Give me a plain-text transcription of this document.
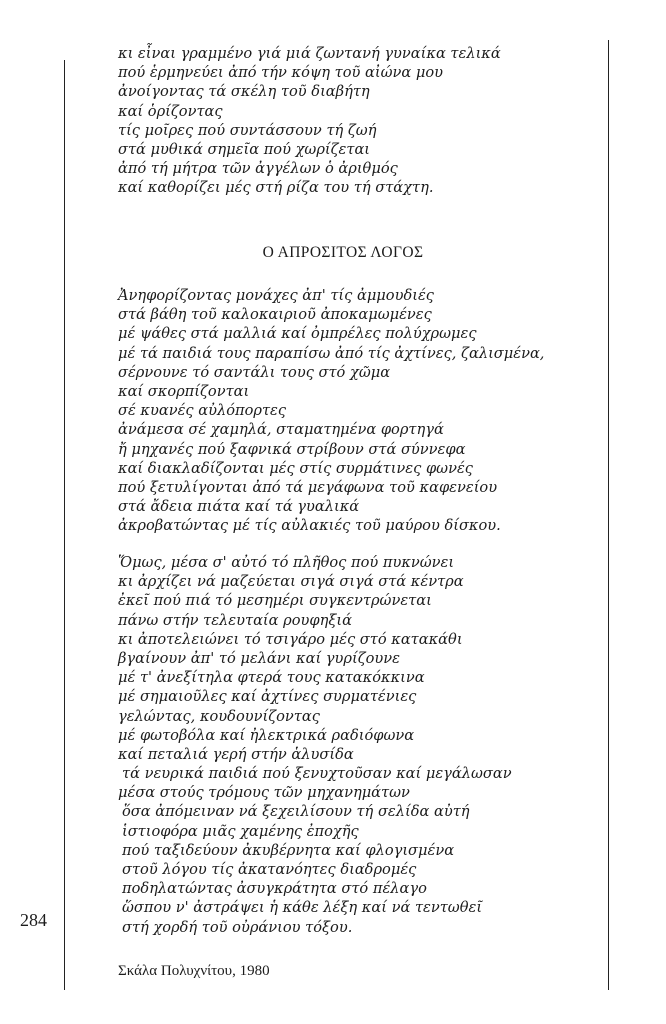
κι εἶναι γραμμένο γιά μιά ζωντανή γυναίκα τελικά
πού ἑρμηνεύει ἀπό τήν κόψη τοῦ αἰώνα μου
ἀνοίγοντας τά σκέλη τοῦ διαβήτη
καί ὁρίζοντας
τίς μοῖρες πού συντάσσουν τή ζωή
στά μυθικά σημεῖα πού χωρίζεται
ἀπό τή μήτρα τῶν ἀγγέλων ὁ ἀριθμός
καί καθορίζει μές στή ρίζα του τή στάχτη.
Ο ΑΠΡΟΣΙΤΟΣ ΛΟΓΟΣ
Ἀνηφορίζοντας μονάχες ἀπ' τίς ἀμμουδιές
στά βάθη τοῦ καλοκαιριοῦ ἀποκαμωμένες
μέ ψάθες στά μαλλιά καί ὀμπρέλες πολύχρωμες
μέ τά παιδιά τους παραπίσω ἀπό τίς ἀχτίνες, ζαλισμένα,
σέρνουνε τό σαντάλι τους στό χῶμα
καί σκορπίζονται
σέ κυανές αὐλόπορτες
ἀνάμεσα σέ χαμηλά, σταματημένα φορτηγά
ἤ μηχανές πού ξαφνικά στρίβουν στά σύννεφα
καί διακλαδίζονται μές στίς συρμάτινες φωνές
πού ξετυλίγονται ἀπό τά μεγάφωνα τοῦ καφενείου
στά ἄδεια πιάτα καί τά γυαλικά
ἀκροβατώντας μέ τίς αὐλακιές τοῦ μαύρου δίσκου.
Ὅμως, μέσα σ' αὐτό τό πλῆθος πού πυκνώνει
κι ἀρχίζει νά μαζεύεται σιγά σιγά στά κέντρα
ἐκεῖ πού πιά τό μεσημέρι συγκεντρώνεται
πάνω στήν τελευταία ρουφηξιά
κι ἀποτελειώνει τό τσιγάρο μές στό κατακάθι
βγαίνουν ἀπ' τό μελάνι καί γυρίζουνε
μέ τ' ἀνεξίτηλα φτερά τους κατακόκκινα
μέ σημαιοῦλες καί ἀχτίνες συρματένιες
γελώντας, κουδουνίζοντας
μέ φωτοβόλα καί ἠλεκτρικά ραδιόφωνα
καί πεταλιά γερή στήν ἁλυσίδα
τά νευρικά παιδιά πού ξενυχτοῦσαν καί μεγάλωσαν
μέσα στούς τρόμους τῶν μηχανημάτων
ὅσα ἀπόμειναν νά ξεχειλίσουν τή σελίδα αὐτή
ἱστιοφόρα μιᾶς χαμένης ἐποχῆς
πού ταξιδεύουν ἀκυβέρνητα καί φλογισμένα
στοῦ λόγου τίς ἀκατανόητες διαδρομές
ποδηλατώντας ἀσυγκράτητα στό πέλαγο
ὥσπου ν' ἀστράψει ἡ κάθε λέξη καί νά τεντωθεῖ
στή χορδή τοῦ οὐράνιου τόξου.
284
Σκάλα Πολυχνίτου, 1980
